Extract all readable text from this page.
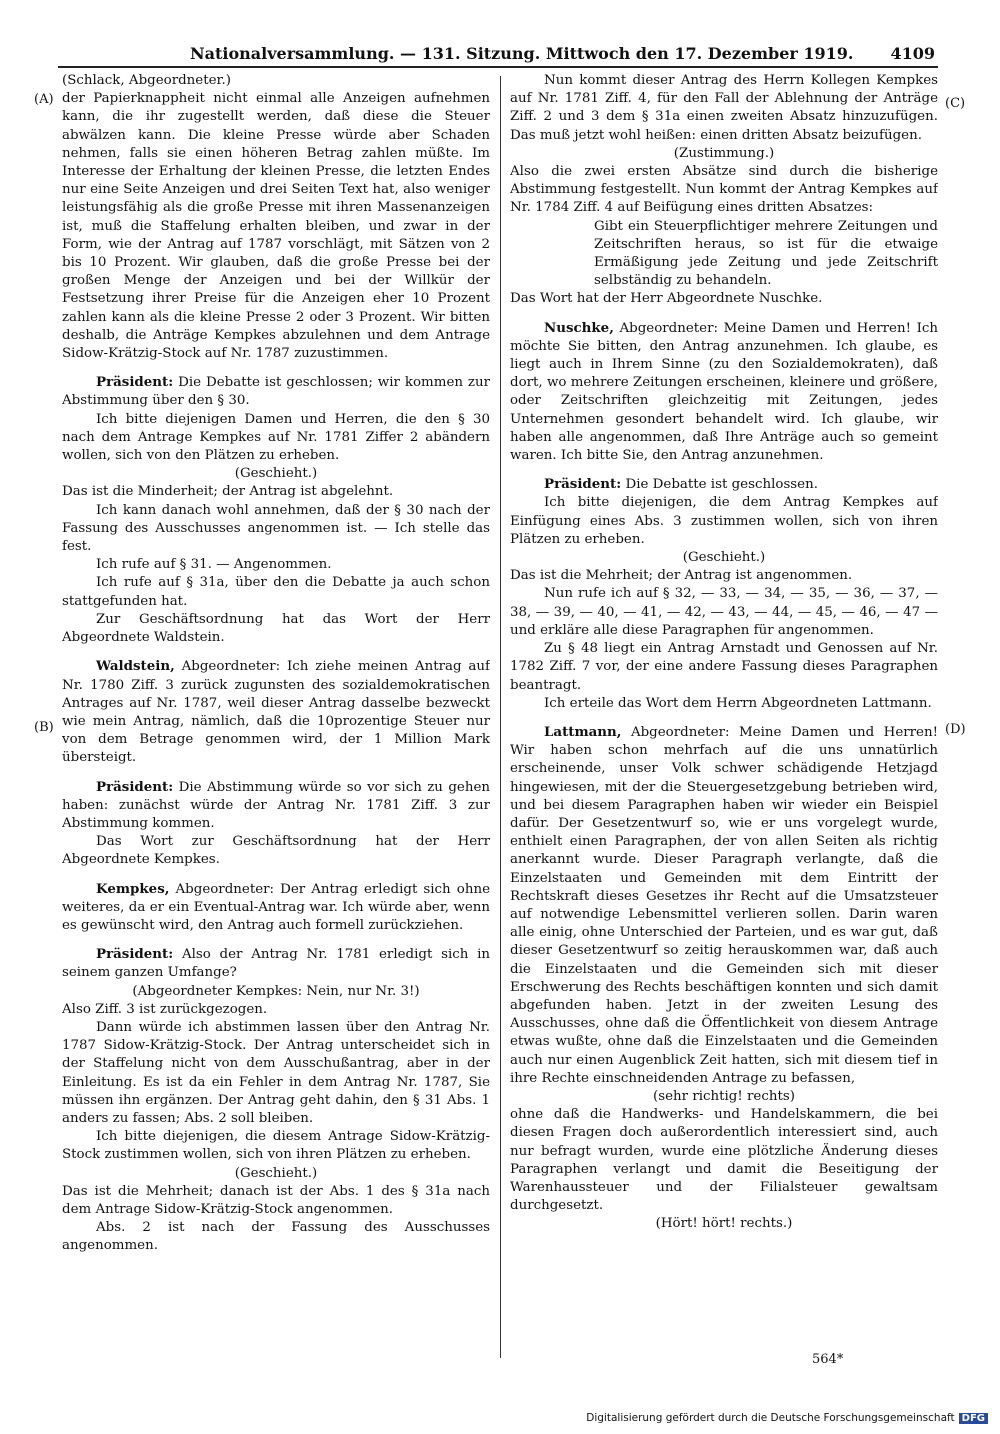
Nationalversammlung. — 131. Sitzung. Mittwoch den 17. Dezember 1919. 4109
(A)
(B)
(C)
(D)

(Schlack, Abgeordneter.)

der Papierknappheit nicht einmal alle Anzeigen aufnehmen kann, die ihr zugestellt werden, daß diese die Steuer abwälzen kann. Die kleine Presse würde aber Schaden nehmen, falls sie einen höheren Betrag zahlen müßte. Im Interesse der Erhaltung der kleinen Presse, die letzten Endes nur eine Seite Anzeigen und drei Seiten Text hat, also weniger leistungsfähig als die große Presse mit ihren Massenanzeigen ist, muß die Staffelung erhalten bleiben, und zwar in der Form, wie der Antrag auf 1787 vorschlägt, mit Sätzen von 2 bis 10 Prozent. Wir glauben, daß die große Presse bei der großen Menge der Anzeigen und bei der Willkür der Festsetzung ihrer Preise für die Anzeigen eher 10 Prozent zahlen kann als die kleine Presse 2 oder 3 Prozent. Wir bitten deshalb, die Anträge Kempkes abzulehnen und dem Antrage Sidow-Krätzig-Stock auf Nr. 1787 zuzustimmen.

Präsident: Die Debatte ist geschlossen; wir kommen zur Abstimmung über den § 30.

Ich bitte diejenigen Damen und Herren, die den § 30 nach dem Antrage Kempkes auf Nr. 1781 Ziffer 2 abändern wollen, sich von den Plätzen zu erheben.

(Geschieht.)

Das ist die Minderheit; der Antrag ist abgelehnt.

Ich kann danach wohl annehmen, daß der § 30 nach der Fassung des Ausschusses angenommen ist. — Ich stelle das fest.

Ich rufe auf § 31. — Angenommen.

Ich rufe auf § 31a, über den die Debatte ja auch schon stattgefunden hat.

Zur Geschäftsordnung hat das Wort der Herr Abgeordnete Waldstein.

Waldstein, Abgeordneter: Ich ziehe meinen Antrag auf Nr. 1780 Ziff. 3 zurück zugunsten des sozialdemokratischen Antrages auf Nr. 1787, weil dieser Antrag dasselbe bezweckt wie mein Antrag, nämlich, daß die 10prozentige Steuer nur von dem Betrage genommen wird, der 1 Million Mark übersteigt.

Präsident: Die Abstimmung würde so vor sich zu gehen haben: zunächst würde der Antrag Nr. 1781 Ziff. 3 zur Abstimmung kommen.

Das Wort zur Geschäftsordnung hat der Herr Abgeordnete Kempkes.

Kempkes, Abgeordneter: Der Antrag erledigt sich ohne weiteres, da er ein Eventual-Antrag war. Ich würde aber, wenn es gewünscht wird, den Antrag auch formell zurückziehen.

Präsident: Also der Antrag Nr. 1781 erledigt sich in seinem ganzen Umfange?

(Abgeordneter Kempkes: Nein, nur Nr. 3!)

Also Ziff. 3 ist zurückgezogen.

Dann würde ich abstimmen lassen über den Antrag Nr. 1787 Sidow-Krätzig-Stock. Der Antrag unterscheidet sich in der Staffelung nicht von dem Ausschußantrag, aber in der Einleitung. Es ist da ein Fehler in dem Antrag Nr. 1787, Sie müssen ihn ergänzen. Der Antrag geht dahin, den § 31 Abs. 1 anders zu fassen; Abs. 2 soll bleiben.

Ich bitte diejenigen, die diesem Antrage Sidow-Krätzig-Stock zustimmen wollen, sich von ihren Plätzen zu erheben.

(Geschieht.)

Das ist die Mehrheit; danach ist der Abs. 1 des § 31a nach dem Antrage Sidow-Krätzig-Stock angenommen.

Abs. 2 ist nach der Fassung des Ausschusses angenommen.

Nun kommt dieser Antrag des Herrn Kollegen Kempkes auf Nr. 1781 Ziff. 4, für den Fall der Ablehnung der Anträge Ziff. 2 und 3 dem § 31a einen zweiten Absatz hinzuzufügen. Das muß jetzt wohl heißen: einen dritten Absatz beizufügen.

(Zustimmung.)

Also die zwei ersten Absätze sind durch die bisherige Abstimmung festgestellt. Nun kommt der Antrag Kempkes auf Nr. 1784 Ziff. 4 auf Beifügung eines dritten Absatzes:

Gibt ein Steuerpflichtiger mehrere Zeitungen und Zeitschriften heraus, so ist für die etwaige Ermäßigung jede Zeitung und jede Zeitschrift selbständig zu behandeln.

Das Wort hat der Herr Abgeordnete Nuschke.

Nuschke, Abgeordneter: Meine Damen und Herren! Ich möchte Sie bitten, den Antrag anzunehmen. Ich glaube, es liegt auch in Ihrem Sinne (zu den Sozialdemokraten), daß dort, wo mehrere Zeitungen erscheinen, kleinere und größere, oder Zeitschriften gleichzeitig mit Zeitungen, jedes Unternehmen gesondert behandelt wird. Ich glaube, wir haben alle angenommen, daß Ihre Anträge auch so gemeint waren. Ich bitte Sie, den Antrag anzunehmen.

Präsident: Die Debatte ist geschlossen.

Ich bitte diejenigen, die dem Antrag Kempkes auf Einfügung eines Abs. 3 zustimmen wollen, sich von ihren Plätzen zu erheben.

(Geschieht.)

Das ist die Mehrheit; der Antrag ist angenommen.

Nun rufe ich auf § 32, — 33, — 34, — 35, — 36, — 37, — 38, — 39, — 40, — 41, — 42, — 43, — 44, — 45, — 46, — 47 — und erkläre alle diese Paragraphen für angenommen.

Zu § 48 liegt ein Antrag Arnstadt und Genossen auf Nr. 1782 Ziff. 7 vor, der eine andere Fassung dieses Paragraphen beantragt.

Ich erteile das Wort dem Herrn Abgeordneten Lattmann.

Lattmann, Abgeordneter: Meine Damen und Herren! Wir haben schon mehrfach auf die uns unnatürlich erscheinende, unser Volk schwer schädigende Hetzjagd hingewiesen, mit der die Steuergesetzgebung betrieben wird, und bei diesem Paragraphen haben wir wieder ein Beispiel dafür. Der Gesetzentwurf so, wie er uns vorgelegt wurde, enthielt einen Paragraphen, der von allen Seiten als richtig anerkannt wurde. Dieser Paragraph verlangte, daß die Einzelstaaten und Gemeinden mit dem Eintritt der Rechtskraft dieses Gesetzes ihr Recht auf die Umsatzsteuer auf notwendige Lebensmittel verlieren sollen. Darin waren alle einig, ohne Unterschied der Parteien, und es war gut, daß dieser Gesetzentwurf so zeitig herauskommen war, daß auch die Einzelstaaten und die Gemeinden sich mit dieser Erschwerung des Rechts beschäftigen konnten und sich damit abgefunden haben. Jetzt in der zweiten Lesung des Ausschusses, ohne daß die Öffentlichkeit von diesem Antrage etwas wußte, ohne daß die Einzelstaaten und die Gemeinden auch nur einen Augenblick Zeit hatten, sich mit diesem tief in ihre Rechte einschneidenden Antrage zu befassen,

(sehr richtig! rechts)

ohne daß die Handwerks- und Handelskammern, die bei diesen Fragen doch außerordentlich interessiert sind, auch nur befragt wurden, wurde eine plötzliche Änderung dieses Paragraphen verlangt und damit die Beseitigung der Warenhaussteuer und der Filialsteuer gewaltsam durchgesetzt.

(Hört! hört! rechts.)

564*
Digitalisierung gefördert durch die Deutsche Forschungsgemeinschaft DFG
